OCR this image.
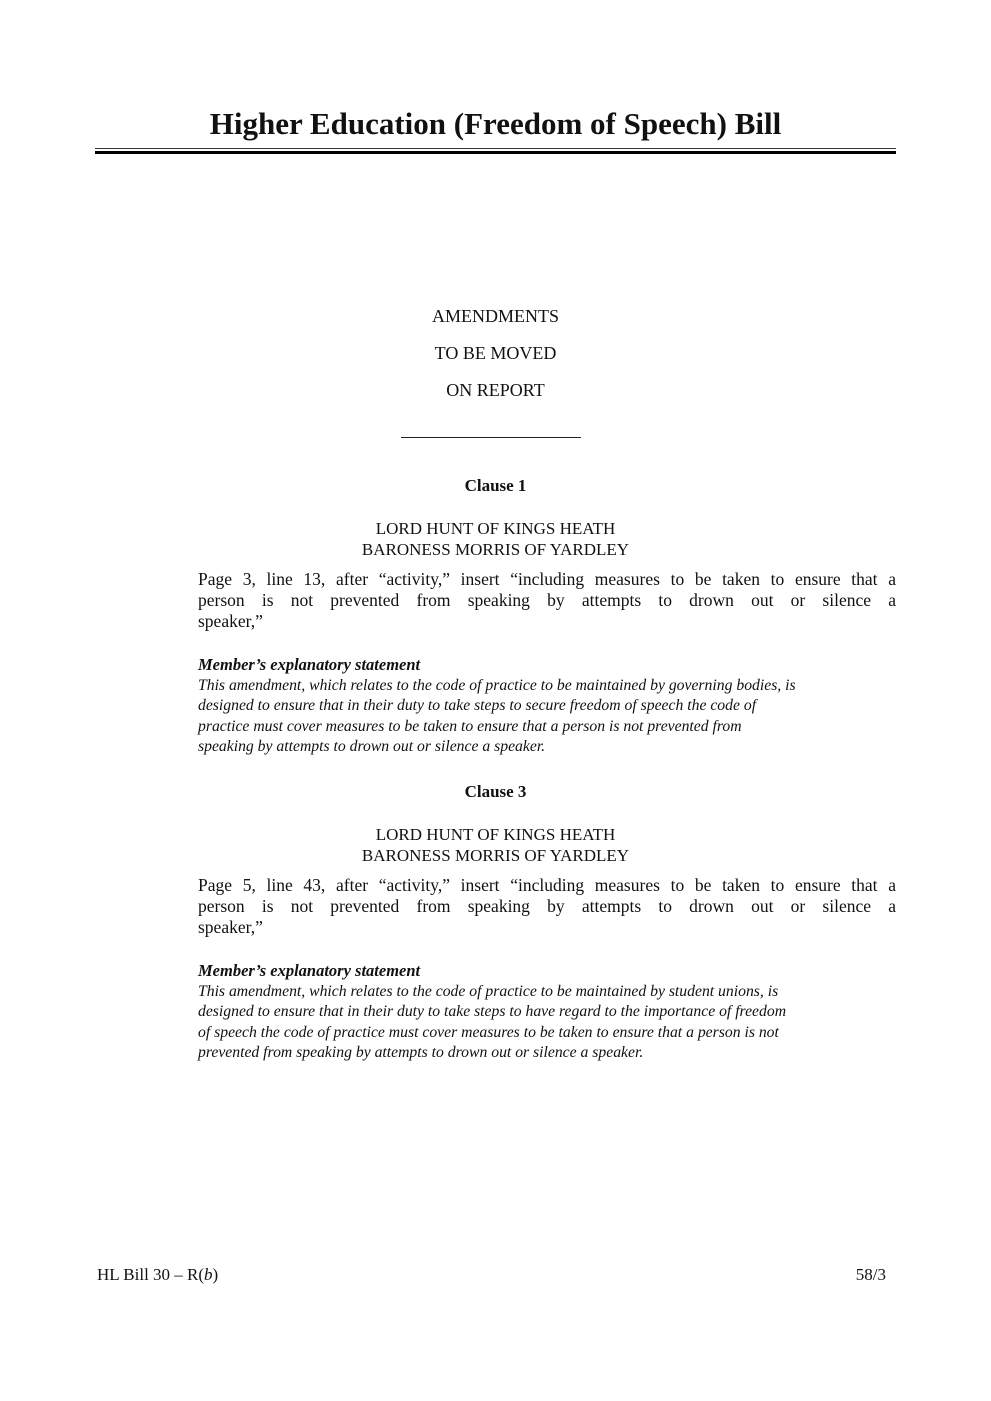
Higher Education (Freedom of Speech) Bill
AMENDMENTS
TO BE MOVED
ON REPORT
Clause 1
LORD HUNT OF KINGS HEATH
BARONESS MORRIS OF YARDLEY
Page 3, line 13, after “activity,” insert “including measures to be taken to ensure that a
person is not prevented from speaking by attempts to drown out or silence a
speaker,”
Member’s explanatory statement
This amendment, which relates to the code of practice to be maintained by governing bodies, is
designed to ensure that in their duty to take steps to secure freedom of speech the code of
practice must cover measures to be taken to ensure that a person is not prevented from
speaking by attempts to drown out or silence a speaker.
Clause 3
LORD HUNT OF KINGS HEATH
BARONESS MORRIS OF YARDLEY
Page 5, line 43, after “activity,” insert “including measures to be taken to ensure that a
person is not prevented from speaking by attempts to drown out or silence a
speaker,”
Member’s explanatory statement
This amendment, which relates to the code of practice to be maintained by student unions, is
designed to ensure that in their duty to take steps to have regard to the importance of freedom
of speech the code of practice must cover measures to be taken to ensure that a person is not
prevented from speaking by attempts to drown out or silence a speaker.
HL Bill 30 – R(b)	58/3
